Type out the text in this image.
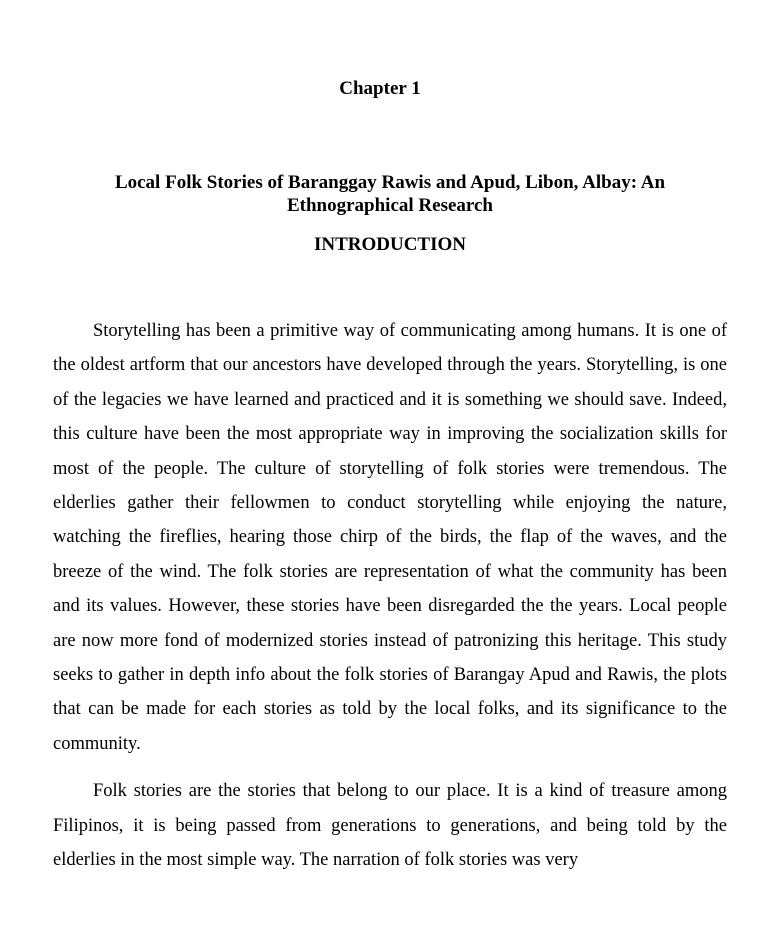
Chapter 1
Local Folk Stories of Baranggay Rawis and Apud, Libon, Albay: An Ethnographical Research
INTRODUCTION

Storytelling has been a primitive way of communicating among humans. It is one of the oldest artform that our ancestors have developed through the years. Storytelling, is one of the legacies we have learned and practiced and it is something we should save. Indeed, this culture have been the most appropriate way in improving the socialization skills for most of the people. The culture of storytelling of folk stories were tremendous. The elderlies gather their fellowmen to conduct storytelling while enjoying the nature, watching the fireflies, hearing those chirp of the birds, the flap of the waves, and the breeze of the wind. The folk stories are representation of what the community has been and its values. However, these stories have been disregarded the the years. Local people are now more fond of modernized stories instead of patronizing this heritage. This study seeks to gather in depth info about the folk stories of Barangay Apud and Rawis, the plots that can be made for each stories as told by the local folks, and its significance to the community.

Folk stories are the stories that belong to our place. It is a kind of treasure among Filipinos, it is being passed from generations to generations, and being told by the elderlies in the most simple way. The narration of folk stories was very
